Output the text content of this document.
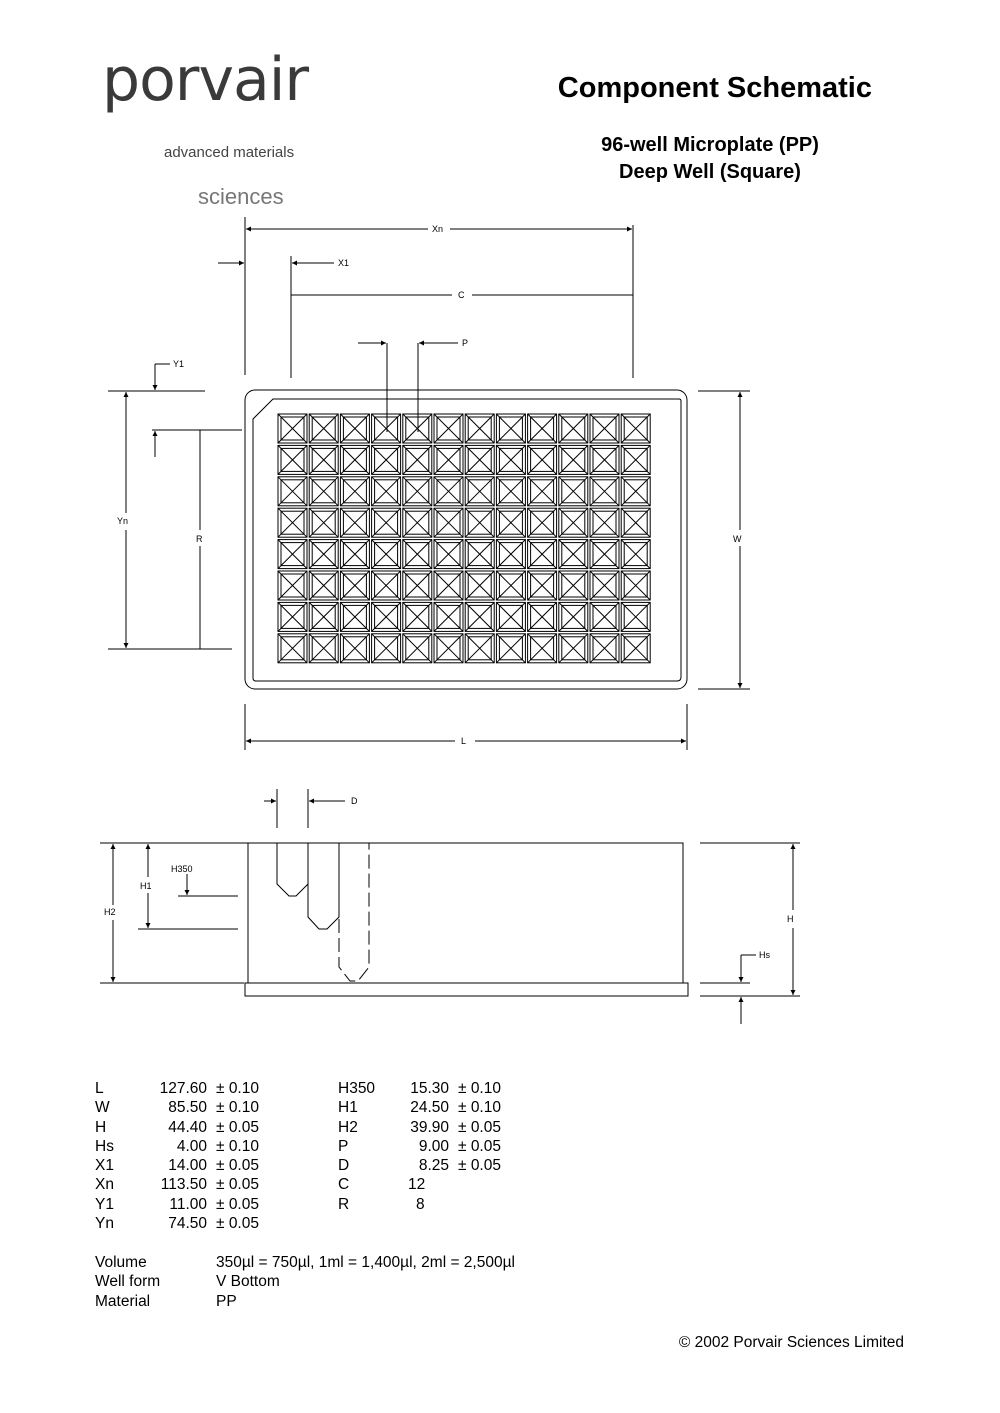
porvair
advanced materials
sciences
Component Schematic
96-well Microplate (PP)
Deep Well (Square)
Xn
X1
C
P
Y1
Yn
R	W
L
D
H350
H1
H2
H
Hs
L	127.60 ± 0.10
W	85.50 ± 0.10
H	44.40 ± 0.05
Hs	4.00 ± 0.10
X1	14.00 ± 0.05
Xn	113.50 ± 0.05
Y1	11.00 ± 0.05
Yn	74.50 ± 0.05
H350 15.30 ± 0.10
H1	24.50 ± 0.10
H2	39.90 ± 0.05
P	9.00 ± 0.05
D	8.25 ± 0.05
C	12
R	8
Volume	350µl = 750µl, 1ml = 1,400µl, 2ml = 2,500µl
Well form	V Bottom
Material	PP
© 2002 Porvair Sciences Limited
